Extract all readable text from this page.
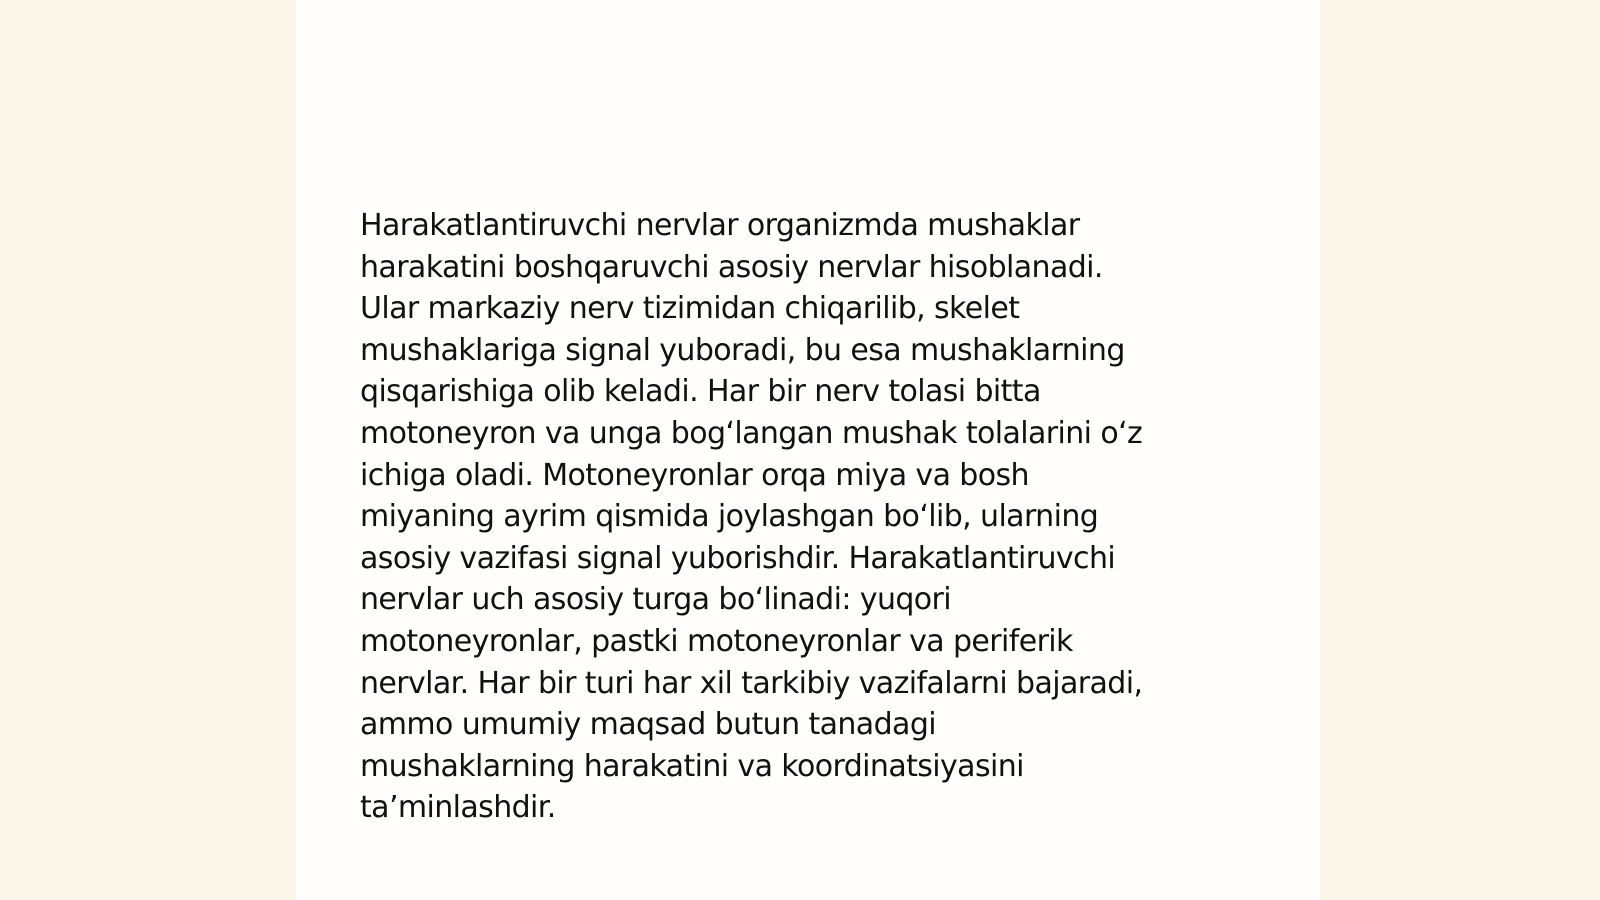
Harakatlantiruvchi nervlar organizmda mushaklar
harakatini boshqaruvchi asosiy nervlar hisoblanadi.
Ular markaziy nerv tizimidan chiqarilib, skelet
mushaklariga signal yuboradi, bu esa mushaklarning
qisqarishiga olib keladi. Har bir nerv tolasi bitta
motoneyron va unga bogʻlangan mushak tolalarini oʻz
ichiga oladi. Motoneyronlar orqa miya va bosh
miyaning ayrim qismida joylashgan boʻlib, ularning
asosiy vazifasi signal yuborishdir. Harakatlantiruvchi
nervlar uch asosiy turga boʻlinadi: yuqori
motoneyronlar, pastki motoneyronlar va periferik
nervlar. Har bir turi har xil tarkibiy vazifalarni bajaradi,
ammo umumiy maqsad butun tanadagi
mushaklarning harakatini va koordinatsiyasini
taʼminlashdir.
